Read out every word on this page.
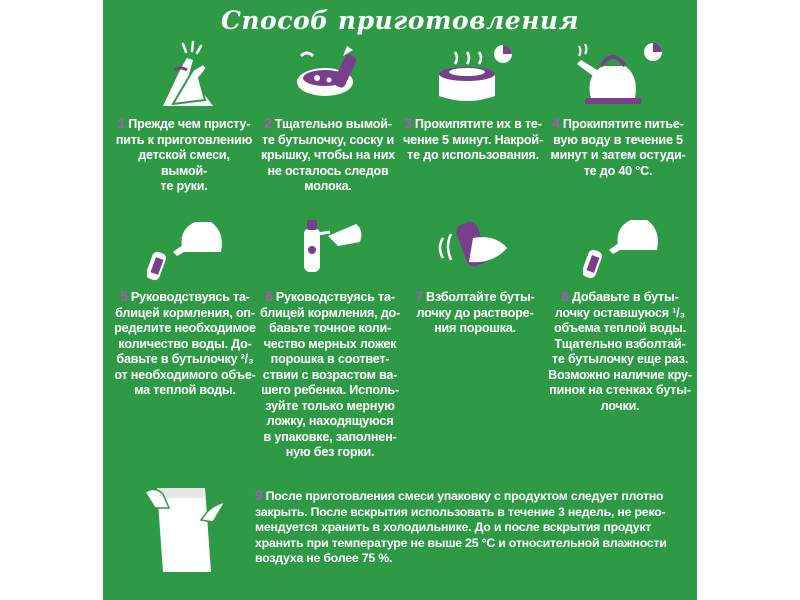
Способ приготовления
1 Прежде чем присту-
пить к приготовлению
детской смеси, вымой-
те руки.
2 Тщательно вымой-
те бутылочку, соску и
крышку, чтобы на них
не осталось следов
молока.
3 Прокипятите их в те-
чение 5 минут. Накрой-
те до использования.
4 Прокипятите питье-
вую воду в течение 5
минут и затем остуди-
те до 40 °С.
5 Руководствуясь та-
блицей кормления, оп-
ределите необходимое
количество воды. До-
бавьте в бутылочку ²/₃
от необходимого объе-
ма теплой воды.
6 Руководствуясь та-
блицей кормления, до-
бавьте точное коли-
чество мерных ложек
порошка в соответ-
ствии с возрастом ва-
шего ребенка. Исполь-
зуйте только мерную
ложку, находящуюся
в упаковке, заполнен-
ную без горки.
7 Взболтайте буты-
лочку до растворе-
ния порошка.
8 Добавьте в буты-
лочку оставшуюся ¹/₃
объема теплой воды.
Тщательно взболтай-
те бутылочку еще раз.
Возможно наличие кру-
пинок на стенках буты-
лочки.
9 После приготовления смеси упаковку с продуктом следует плотно
закрыть. После вскрытия использовать в течение 3 недель, не реко-
мендуется хранить в холодильнике. До и после вскрытия продукт
хранить при температуре не выше 25 °С и относительной влажности
воздуха не более 75 %.
